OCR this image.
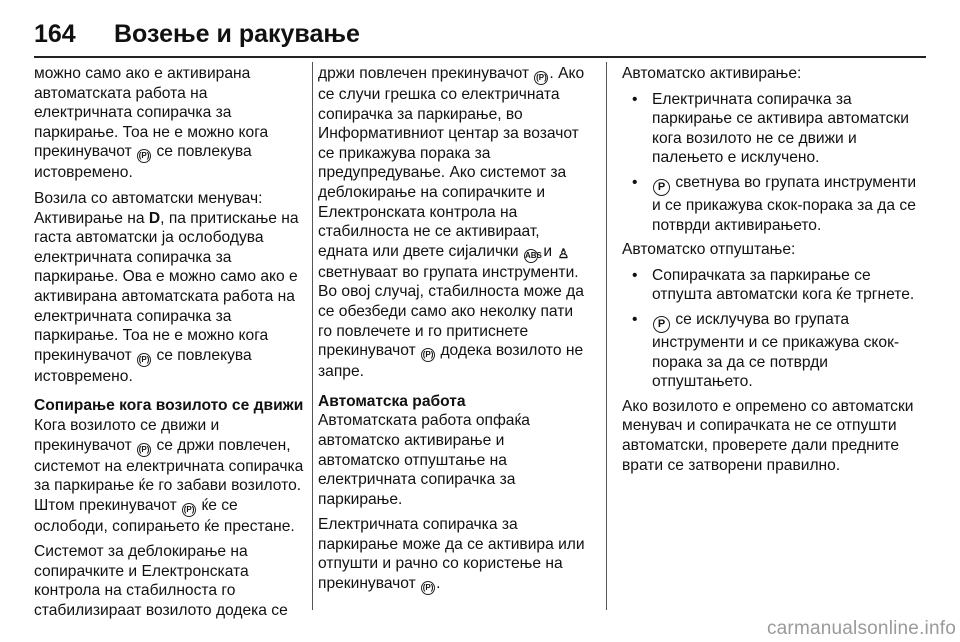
164 Возење и ракување

можно само ако е активирана автоматската работа на електричната сопирачка за паркирање. Тоа не е можно кога прекинувачот (P) се повлекува истовремено.

Возила со автоматски менувач: Активирање на D, па притискање на гаста автоматски ја ослободува електричната сопирачка за паркирање. Ова е можно само ако е активирана автоматската работа на електричната сопирачка за паркирање. Тоа не е можно кога прекинувачот (P) се повлекува истовремено.

Сопирање кога возилото се движи

Кога возилото се движи и прекинувачот (P) се држи повлечен, системот на електричната сопирачка за паркирање ќе го забави возилото. Штом прекинувачот (P) ќе се ослободи, сопирањето ќе престане.

Системот за деблокирање на сопирачките и Електронската контрола на стабилноста го стабилизираат возилото додека се

држи повлечен прекинувачот (P) . Ако се случи грешка со електричната сопирачка за паркирање, во Информативниот центар за возачот се прикажува порака за предупредување. Ако системот за деблокирање на сопирачките и Електронската контрола на стабилноста не се активираат, едната или двете сијалички ABS и ♙ светнуваат во групата инструменти. Во овој случај, стабилноста може да се обезбеди само ако неколку пати го повлечете и го притиснете прекинувачот (P) додека возилото не запре.

Автоматска работа

Автоматската работа опфаќа автоматско активирање и автоматско отпуштање на електричната сопирачка за паркирање.

Електричната сопирачка за паркирање може да се активира или отпушти и рачно со користење на прекинувачот (P) .

Автоматско активирање:

• Електричната сопирачка за паркирање се активира автоматски кога возилото не се движи и палењето е исклучено.
• P светнува во групата инструменти и се прикажува скок-порака за да се потврди активирањето.

Автоматско отпуштање:

• Сопирачката за паркирање се отпушта автоматски кога ќе тргнете.
• P се исклучува во групата инструменти и се прикажува скок-порака за да се потврди отпуштањето.

Ако возилото е опремено со автоматски менувач и сопирачката не се отпушти автоматски, проверете дали предните врати се затворени правилно.

carmanualsonline.info
